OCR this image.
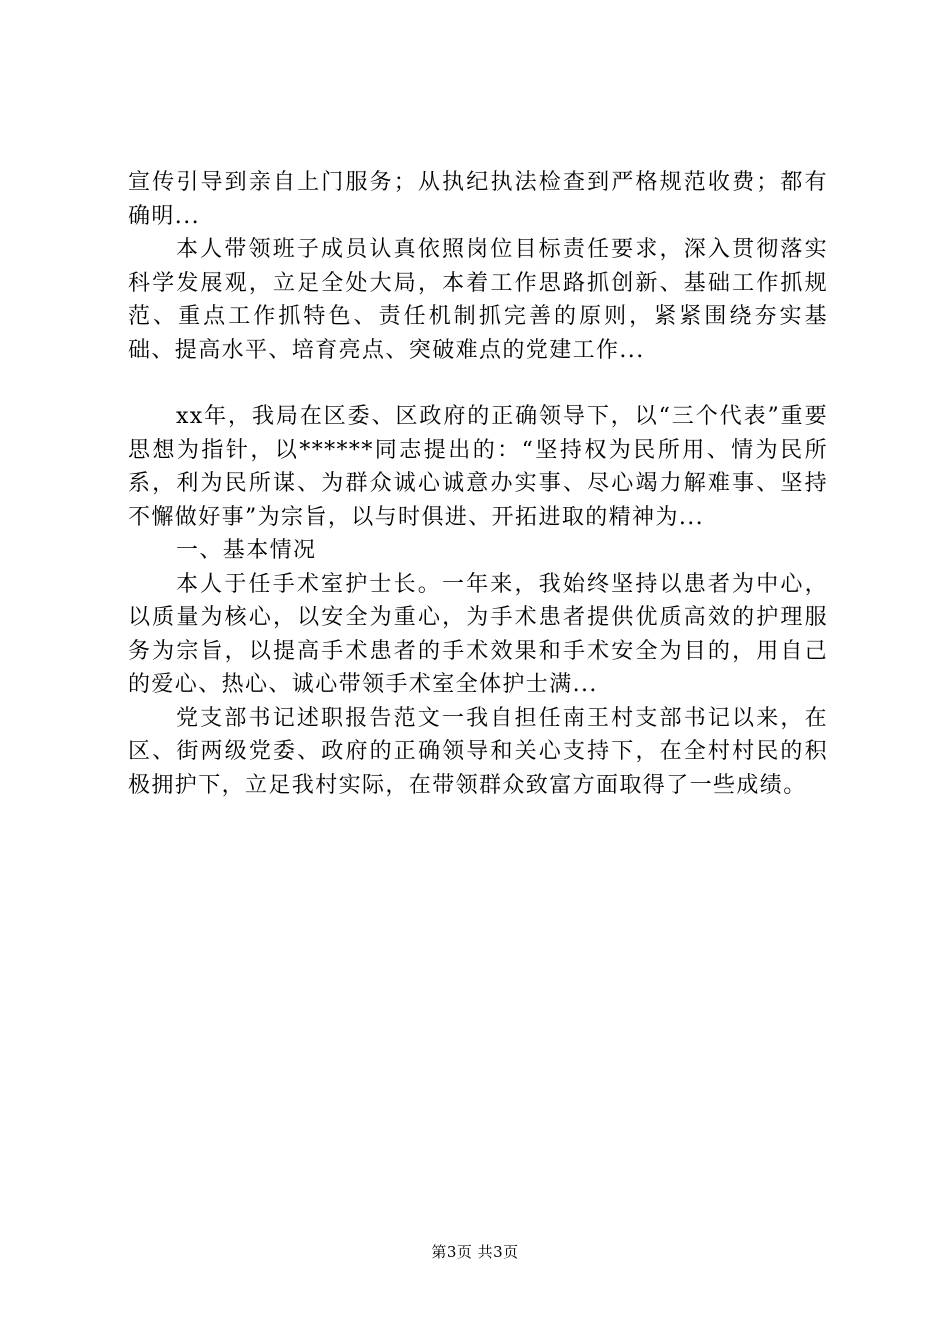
宣传引导到亲自上门服务；从执纪执法检查到严格规范收费；都有确明...

本人带领班子成员认真依照岗位目标责任要求，深入贯彻落实科学发展观，立足全处大局，本着工作思路抓创新、基础工作抓规范、重点工作抓特色、责任机制抓完善的原则，紧紧围绕夯实基础、提高水平、培育亮点、突破难点的党建工作...

xx年，我局在区委、区政府的正确领导下，以“三个代表”重要思想为指针，以******同志提出的：“坚持权为民所用、情为民所系，利为民所谋、为群众诚心诚意办实事、尽心竭力解难事、坚持不懈做好事”为宗旨，以与时俱进、开拓进取的精神为...

一、基本情况

本人于任手术室护士长。一年来，我始终坚持以患者为中心，以质量为核心，以安全为重心，为手术患者提供优质高效的护理服务为宗旨，以提高手术患者的手术效果和手术安全为目的，用自己的爱心、热心、诚心带领手术室全体护士满...

党支部书记述职报告范文一我自担任南王村支部书记以来，在区、街两级党委、政府的正确领导和关心支持下，在全村村民的积极拥护下，立足我村实际，在带领群众致富方面取得了一些成绩。

第3页 共3页
